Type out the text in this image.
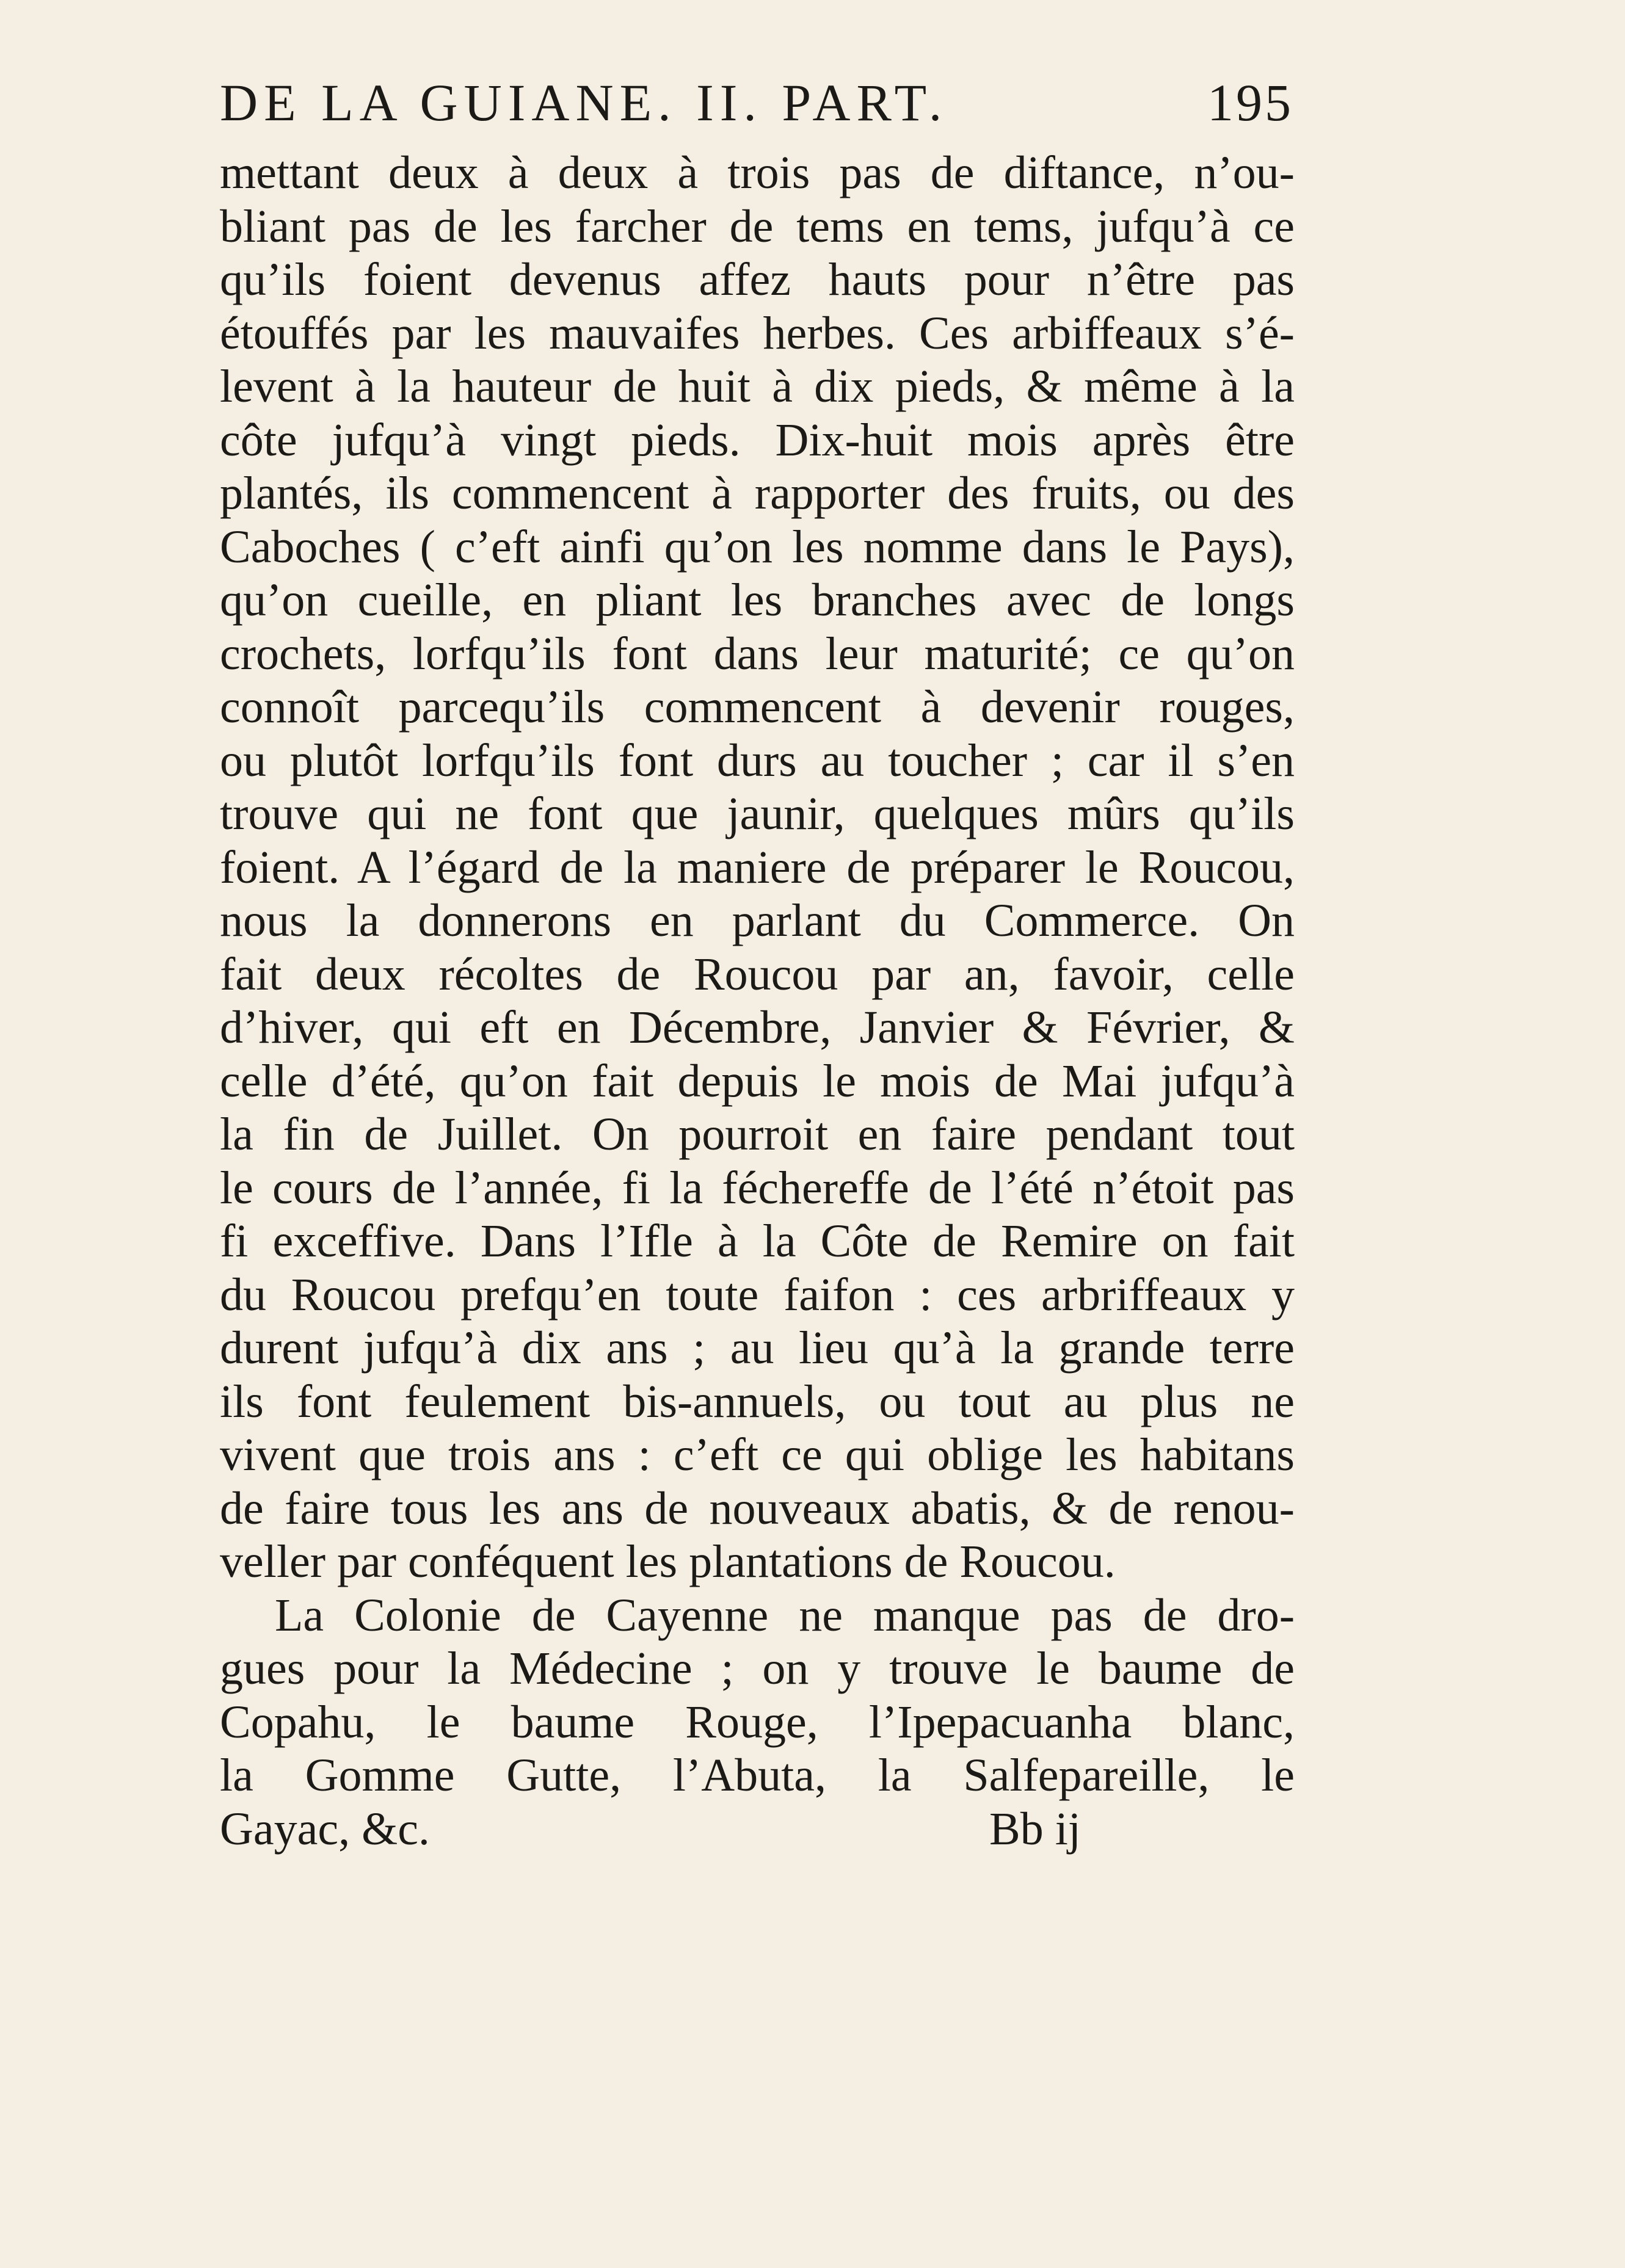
DE LA GUIANE. II. PART.	195
mettant deux à deux à trois pas de diftance, n’ou-
bliant pas de les farcher de tems en tems, jufqu’à ce
qu’ils foient devenus affez hauts pour n’être pas
étouffés par les mauvaifes herbes. Ces arbiffeaux s’é-
levent à la hauteur de huit à dix pieds, & même à la
côte jufqu’à vingt pieds. Dix-huit mois après être
plantés, ils commencent à rapporter des fruits, ou des
Caboches ( c’eft ainfi qu’on les nomme dans le Pays),
qu’on cueille, en pliant les branches avec de longs
crochets, lorfqu’ils font dans leur maturité; ce qu’on
connoît parcequ’ils commencent à devenir rouges,
ou plutôt lorfqu’ils font durs au toucher ; car il s’en
trouve qui ne font que jaunir, quelques mûrs qu’ils
foient. A l’égard de la maniere de préparer le Roucou,
nous la donnerons en parlant du Commerce. On
fait deux récoltes de Roucou par an, favoir, celle
d’hiver, qui eft en Décembre, Janvier & Février, &
celle d’été, qu’on fait depuis le mois de Mai jufqu’à
la fin de Juillet. On pourroit en faire pendant tout
le cours de l’année, fi la féchereffe de l’été n’étoit pas
fi exceffive. Dans l’Ifle à la Côte de Remire on fait
du Roucou prefqu’en toute faifon : ces arbriffeaux y
durent jufqu’à dix ans ; au lieu qu’à la grande terre
ils font feulement bis-annuels, ou tout au plus ne
vivent que trois ans : c’eft ce qui oblige les habitans
de faire tous les ans de nouveaux abatis, & de renou-
veller par conféquent les plantations de Roucou.
La Colonie de Cayenne ne manque pas de dro-
gues pour la Médecine ; on y trouve le baume de
Copahu, le baume Rouge, l’Ipepacuanha blanc,
la Gomme Gutte, l’Abuta, la Salfepareille, le
Gayac, &c.	Bb ij
